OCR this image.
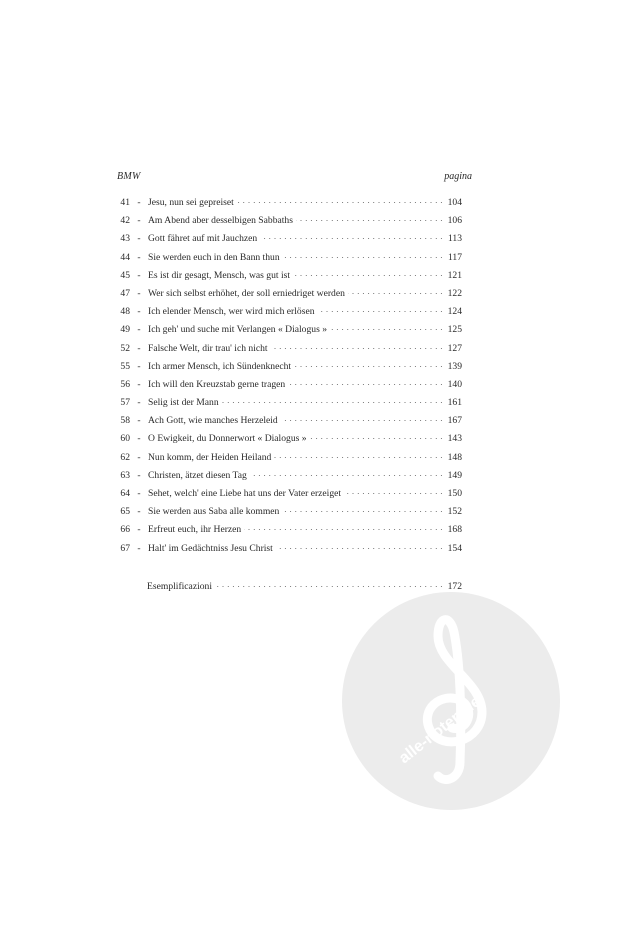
BMW	pagina
41 - Jesu, nun sei gepreiset . . .	104
42 - Am Abend aber desselbigen Sabbaths . . .	106
43 - Gott fähret auf mit Jauchzen . . .	113
44 - Sie werden euch in den Bann thun . . .	117
45 - Es ist dir gesagt, Mensch, was gut ist . . .	121
47 - Wer sich selbst erhöhet, der soll erniedriget werden . . .	122
48 - Ich elender Mensch, wer wird mich erlösen . . .	124
49 - Ich geh' und suche mit Verlangen « Dialogus » . . .	125
52 - Falsche Welt, dir trau' ich nicht . . .	127
55 - Ich armer Mensch, ich Sündenknecht . . .	139
56 - Ich will den Kreuzstab gerne tragen . . .	140
57 - Selig ist der Mann . . .	161
58 - Ach Gott, wie manches Herzeleid . . .	167
60 - O Ewigkeit, du Donnerwort « Dialogus » . . .	143
62 - Nun komm, der Heiden Heiland . . .	148
63 - Christen, ätzet diesen Tag . . .	149
64 - Sehet, welch' eine Liebe hat uns der Vater erzeiget . . .	150
65 - Sie werden aus Saba alle kommen . . .	152
66 - Erfreut euch, ihr Herzen . . .	168
67 - Halt' im Gedächtniss Jesu Christ . . .	154
Esemplificazioni . . .	172
alle-noten.de
